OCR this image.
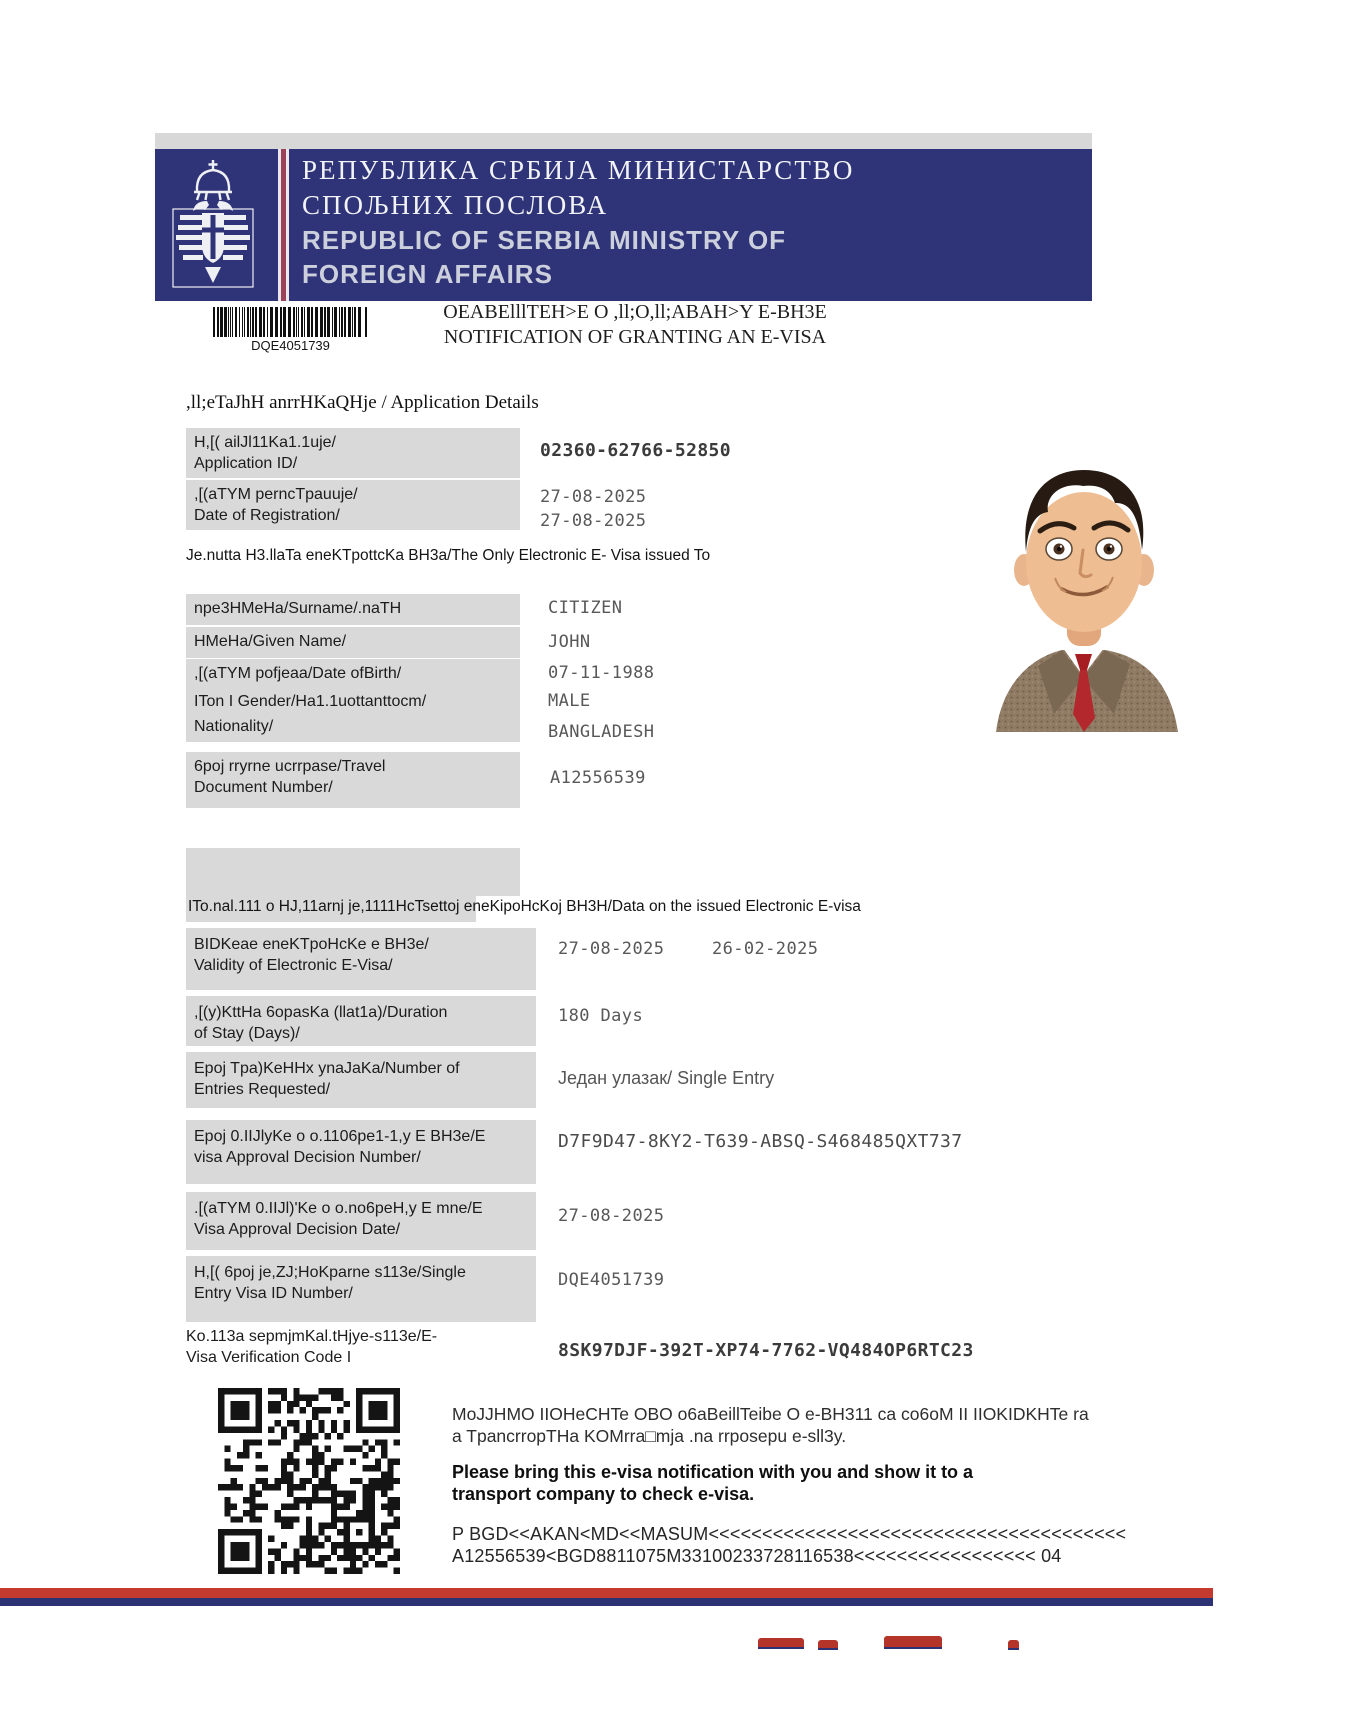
РЕПУБЛИКА СРБИЈА МИНИСТАРСТВО
СПОЉНИХ ПОСЛОВА
REPUBLIC OF SERBIA MINISTRY OF
FOREIGN AFFAIRS
DQE4051739
OEABElllTEH>E O ,ll;O,ll;ABAH>Y E-BH3E
NOTIFICATION OF GRANTING AN E-VISA
,ll;eTaJhH anrrHKaQHje / Application Details
H,[( ailJl11Ka1.1uje/
Application ID/
02360-62766-52850
,[(aTYM perncTpauuje/
Date of Registration/
27-08-2025
27-08-2025
Je.nutta H3.llaTa eneKTpottcKa BH3a/The Only Electronic E- Visa issued To
npe3HMeHa/Surname/.naTH	CITIZEN
HMeHa/Given Name/	JOHN
,[(aTYM pofjeaa/Date ofBirth/	07-11-1988
ITon I Gender/Ha1.1uottanttocm/	MALE
Nationality/	BANGLADESH
6poj rryrne ucrrpase/Travel
Document Number/	A12556539
ITo.nal.111 o HJ,11arnj je,1111HcTsettoj eneKipoHcKoj BH3H/Data on the issued Electronic E-visa
BIDKeae eneKTpoHcKe e BH3e/
Validity of Electronic E-Visa/
27-08-2025	26-02-2025
,[(y)KttHa 6opasKa (llat1a)/Duration
of Stay (Days)/
180 Days
Epoj Tpa)KeHHx ynaJaKa/Number of
Entries Requested/
Један улазак/ Single Entry
Epoj 0.IIJlyKe o o.1106pe1-1,y E BH3e/E
visa Approval Decision Number/
D7F9D47-8KY2-T639-ABSQ-S468485QXT737
.[(aTYM 0.IIJl)'Ke o o.no6peH,y E mne/E
Visa Approval Decision Date/
27-08-2025
H,[( 6poj je,ZJ;HoKparne s113e/Single
Entry Visa ID Number/
DQE4051739
Ko.113a sepmjmKal.tHjye-s113e/E-
Visa Verification Code I	8SK97DJF-392T-XP74-7762-VQ484OP6RTC23
MoJJHMO IIOHeCHTe OBO o6aBeillTeibe O e-BH311 ca co6oM II IIOKIDKHTe ra
a TpancrropTHa KOMrra□mja .na rrposepu e-sll3y.
Please bring this e-visa notification with you and show it to a
transport company to check e-visa.
P BGD<<AKAN<MD<<MASUM<<<<<<<<<<<<<<<<<<<<<<<<<<<<<<<<<<<<<<<
A12556539<BGD8811075M33100233728116538<<<<<<<<<<<<<<<<< 04
